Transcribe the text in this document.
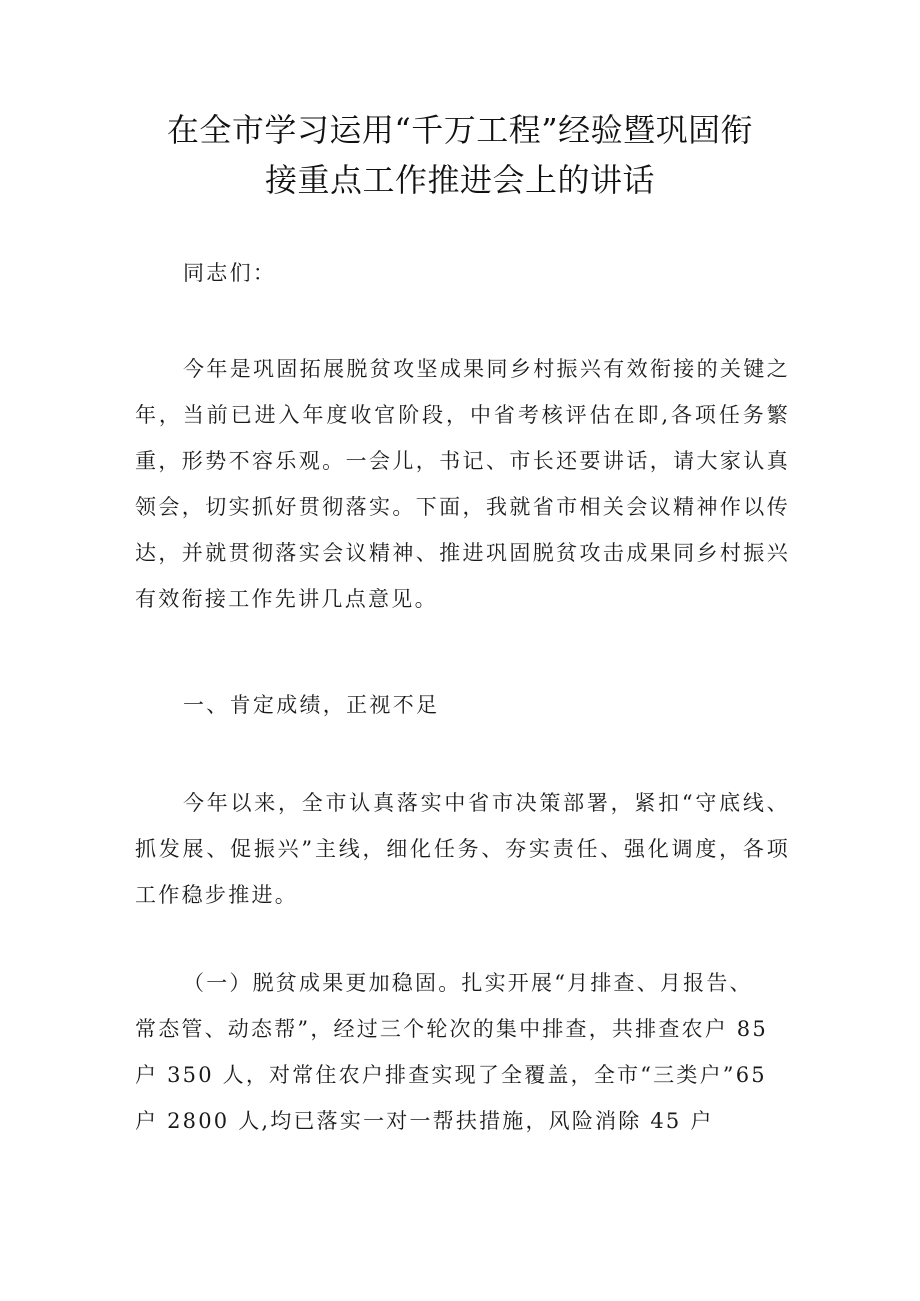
在全市学习运用“千万工程”经验暨巩固衔
接重点工作推进会上的讲话

同志们：

今年是巩固拓展脱贫攻坚成果同乡村振兴有效衔接的关键之年，当前已进入年度收官阶段，中省考核评估在即,各项任务繁重，形势不容乐观。一会儿，书记、市长还要讲话，请大家认真领会，切实抓好贯彻落实。下面，我就省市相关会议精神作以传达，并就贯彻落实会议精神、推进巩固脱贫攻击成果同乡村振兴有效衔接工作先讲几点意见。

一、肯定成绩，正视不足

今年以来，全市认真落实中省市决策部署，紧扣“守底线、抓发展、促振兴”主线，细化任务、夯实责任、强化调度，各项工作稳步推进。

（一）脱贫成果更加稳固。扎实开展“月排查、月报告、
常态管、动态帮”，经过三个轮次的集中排查，共排查农户 85
户 350 人，对常住农户排查实现了全覆盖，全市“三类户”65
户 2800 人,均已落实一对一帮扶措施，风险消除 45 户
